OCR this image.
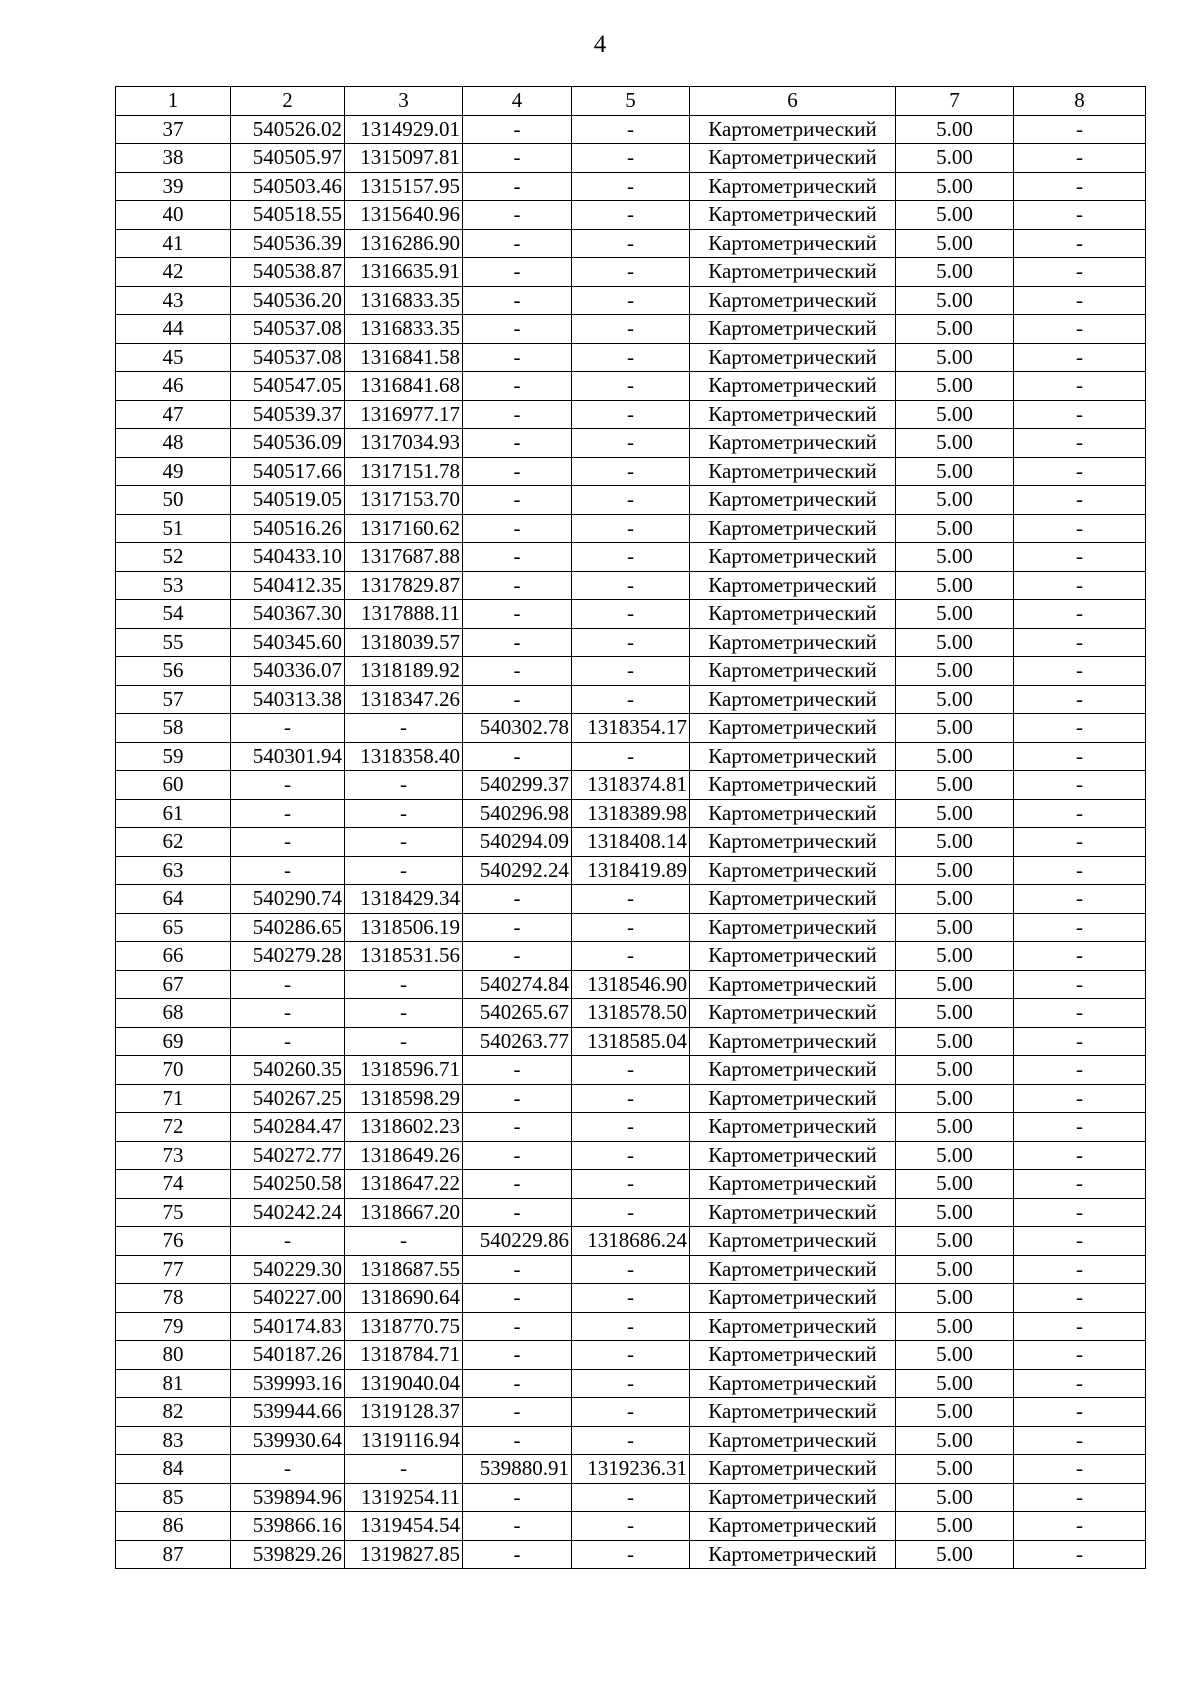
4
1	2	3	4	5	6	7	8
37	540526.02	1314929.01	-	-	Картометрический	5.00	-
38	540505.97	1315097.81	-	-	Картометрический	5.00	-
39	540503.46	1315157.95	-	-	Картометрический	5.00	-
40	540518.55	1315640.96	-	-	Картометрический	5.00	-
41	540536.39	1316286.90	-	-	Картометрический	5.00	-
42	540538.87	1316635.91	-	-	Картометрический	5.00	-
43	540536.20	1316833.35	-	-	Картометрический	5.00	-
44	540537.08	1316833.35	-	-	Картометрический	5.00	-
45	540537.08	1316841.58	-	-	Картометрический	5.00	-
46	540547.05	1316841.68	-	-	Картометрический	5.00	-
47	540539.37	1316977.17	-	-	Картометрический	5.00	-
48	540536.09	1317034.93	-	-	Картометрический	5.00	-
49	540517.66	1317151.78	-	-	Картометрический	5.00	-
50	540519.05	1317153.70	-	-	Картометрический	5.00	-
51	540516.26	1317160.62	-	-	Картометрический	5.00	-
52	540433.10	1317687.88	-	-	Картометрический	5.00	-
53	540412.35	1317829.87	-	-	Картометрический	5.00	-
54	540367.30	1317888.11	-	-	Картометрический	5.00	-
55	540345.60	1318039.57	-	-	Картометрический	5.00	-
56	540336.07	1318189.92	-	-	Картометрический	5.00	-
57	540313.38	1318347.26	-	-	Картометрический	5.00	-
58	-	-	540302.78	1318354.17	Картометрический	5.00	-
59	540301.94	1318358.40	-	-	Картометрический	5.00	-
60	-	-	540299.37	1318374.81	Картометрический	5.00	-
61	-	-	540296.98	1318389.98	Картометрический	5.00	-
62	-	-	540294.09	1318408.14	Картометрический	5.00	-
63	-	-	540292.24	1318419.89	Картометрический	5.00	-
64	540290.74	1318429.34	-	-	Картометрический	5.00	-
65	540286.65	1318506.19	-	-	Картометрический	5.00	-
66	540279.28	1318531.56	-	-	Картометрический	5.00	-
67	-	-	540274.84	1318546.90	Картометрический	5.00	-
68	-	-	540265.67	1318578.50	Картометрический	5.00	-
69	-	-	540263.77	1318585.04	Картометрический	5.00	-
70	540260.35	1318596.71	-	-	Картометрический	5.00	-
71	540267.25	1318598.29	-	-	Картометрический	5.00	-
72	540284.47	1318602.23	-	-	Картометрический	5.00	-
73	540272.77	1318649.26	-	-	Картометрический	5.00	-
74	540250.58	1318647.22	-	-	Картометрический	5.00	-
75	540242.24	1318667.20	-	-	Картометрический	5.00	-
76	-	-	540229.86	1318686.24	Картометрический	5.00	-
77	540229.30	1318687.55	-	-	Картометрический	5.00	-
78	540227.00	1318690.64	-	-	Картометрический	5.00	-
79	540174.83	1318770.75	-	-	Картометрический	5.00	-
80	540187.26	1318784.71	-	-	Картометрический	5.00	-
81	539993.16	1319040.04	-	-	Картометрический	5.00	-
82	539944.66	1319128.37	-	-	Картометрический	5.00	-
83	539930.64	1319116.94	-	-	Картометрический	5.00	-
84	-	-	539880.91	1319236.31	Картометрический	5.00	-
85	539894.96	1319254.11	-	-	Картометрический	5.00	-
86	539866.16	1319454.54	-	-	Картометрический	5.00	-
87	539829.26	1319827.85	-	-	Картометрический	5.00	-
